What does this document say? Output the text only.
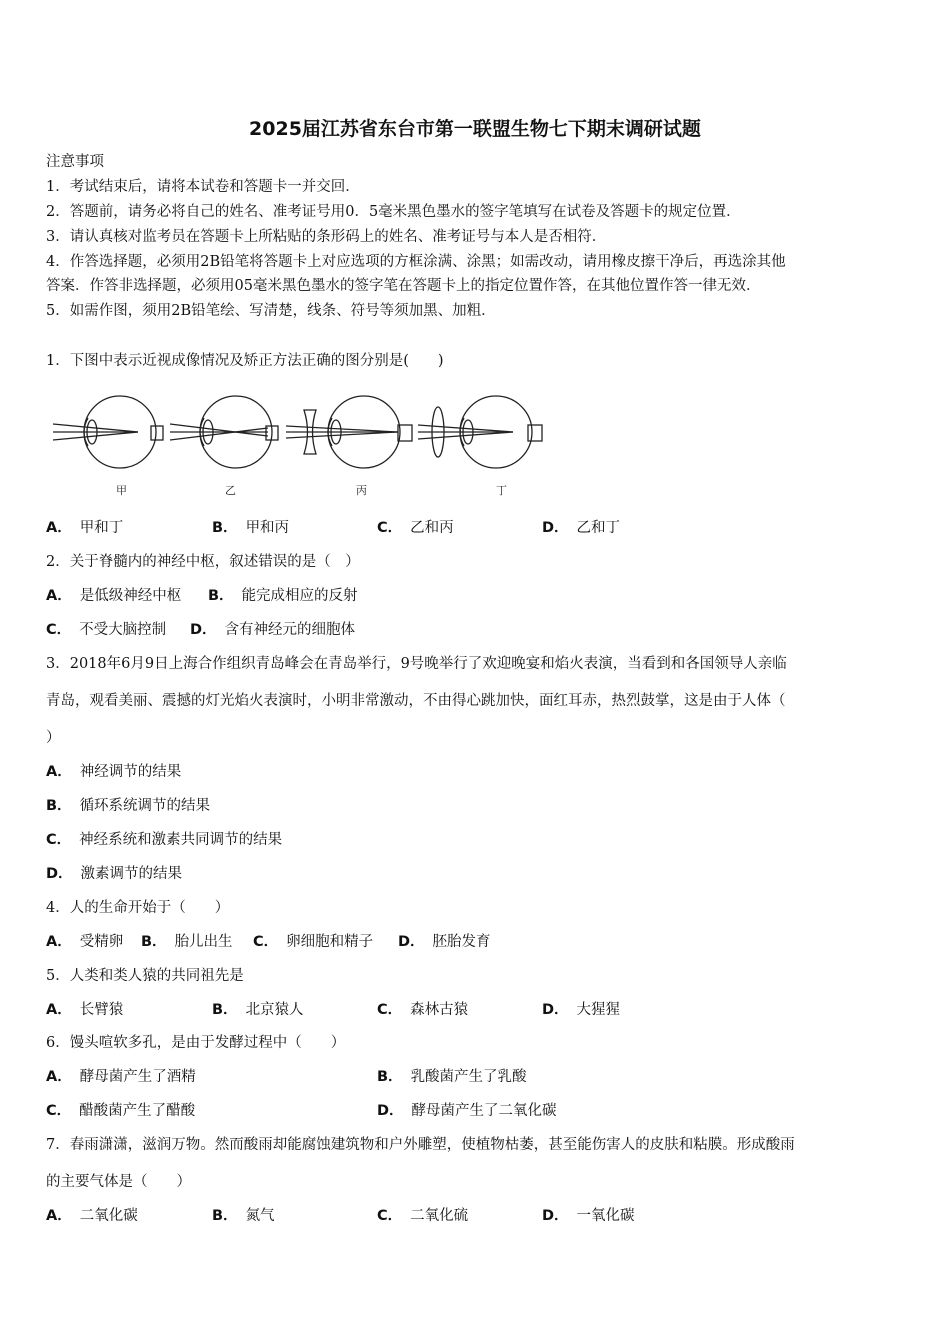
2025届江苏省东台市第一联盟生物七下期末调研试题
注意事项
1．考试结束后，请将本试卷和答题卡一并交回．
2．答题前，请务必将自己的姓名、准考证号用0．5毫米黑色墨水的签字笔填写在试卷及答题卡的规定位置．
3．请认真核对监考员在答题卡上所粘贴的条形码上的姓名、准考证号与本人是否相符．
4．作答选择题，必须用2B铅笔将答题卡上对应选项的方框涂满、涂黑；如需改动，请用橡皮擦干净后，再选涂其他
答案．作答非选择题，必须用05毫米黑色墨水的签字笔在答题卡上的指定位置作答，在其他位置作答一律无效．
5．如需作图，须用2B铅笔绘、写清楚，线条、符号等须加黑、加粗．
1．下图中表示近视成像情况及矫正方法正确的图分别是(　　)
甲	乙	丙	丁
A． 甲和丁	B． 甲和丙	C． 乙和丙	D． 乙和丁
2．关于脊髓内的神经中枢，叙述错误的是（　）
A． 是低级神经中枢 B． 能完成相应的反射
C． 不受大脑控制 D． 含有神经元的细胞体
3．2018年6月9日上海合作组织青岛峰会在青岛举行，9号晚举行了欢迎晚宴和焰火表演，当看到和各国领导人亲临
青岛，观看美丽、震撼的灯光焰火表演时，小明非常激动，不由得心跳加快，面红耳赤，热烈鼓掌，这是由于人体（
）
A． 神经调节的结果
B． 循环系统调节的结果
C． 神经系统和激素共同调节的结果
D． 激素调节的结果
4．人的生命开始于（　　）
A． 受精卵 B． 胎儿出生 C． 卵细胞和精子 D． 胚胎发育
5．人类和类人猿的共同祖先是
A． 长臂猿	B． 北京猿人	C． 森林古猿	D． 大猩猩
6．馒头喧软多孔，是由于发酵过程中（　　）
A． 酵母菌产生了酒精	B． 乳酸菌产生了乳酸
C． 醋酸菌产生了醋酸	D． 酵母菌产生了二氧化碳
7．春雨潇潇，滋润万物。然而酸雨却能腐蚀建筑物和户外雕塑，使植物枯萎，甚至能伤害人的皮肤和粘膜。形成酸雨
的主要气体是（　　）
A． 二氧化碳	B． 氮气	C． 二氧化硫	D． 一氧化碳
